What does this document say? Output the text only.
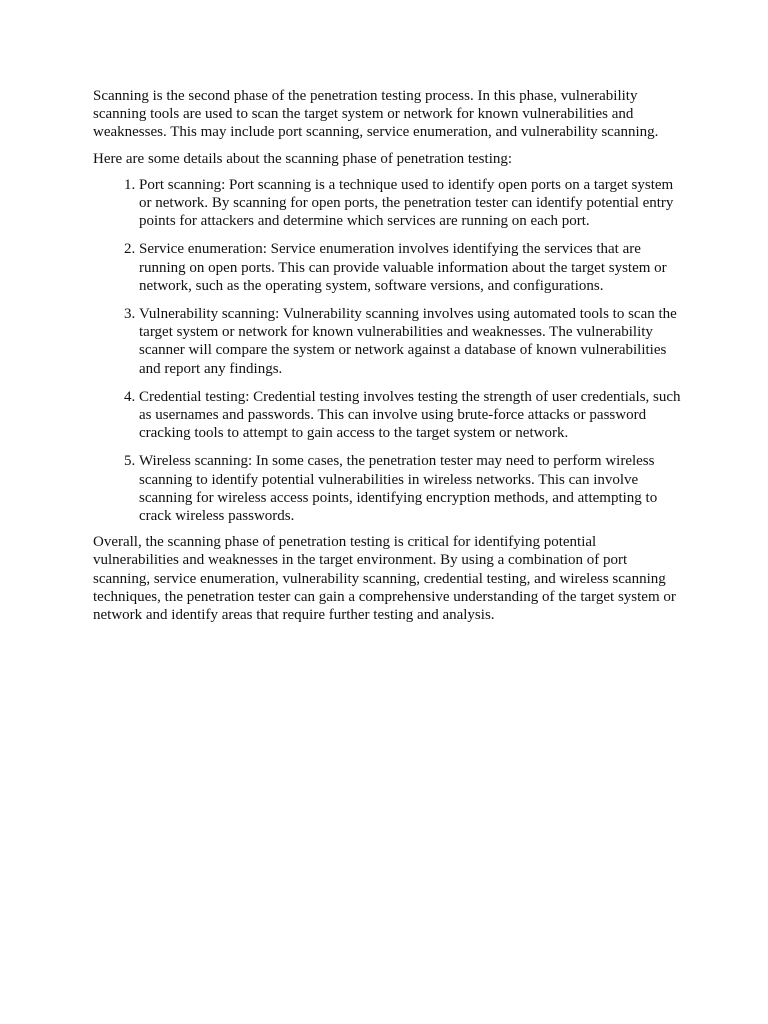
Scanning is the second phase of the penetration testing process. In this phase, vulnerability scanning tools are used to scan the target system or network for known vulnerabilities and weaknesses. This may include port scanning, service enumeration, and vulnerability scanning.

Here are some details about the scanning phase of penetration testing:

1. Port scanning: Port scanning is a technique used to identify open ports on a target system or network. By scanning for open ports, the penetration tester can identify potential entry points for attackers and determine which services are running on each port.
2. Service enumeration: Service enumeration involves identifying the services that are running on open ports. This can provide valuable information about the target system or network, such as the operating system, software versions, and configurations.
3. Vulnerability scanning: Vulnerability scanning involves using automated tools to scan the target system or network for known vulnerabilities and weaknesses. The vulnerability scanner will compare the system or network against a database of known vulnerabilities and report any findings.
4. Credential testing: Credential testing involves testing the strength of user credentials, such as usernames and passwords. This can involve using brute-force attacks or password cracking tools to attempt to gain access to the target system or network.
5. Wireless scanning: In some cases, the penetration tester may need to perform wireless scanning to identify potential vulnerabilities in wireless networks. This can involve scanning for wireless access points, identifying encryption methods, and attempting to crack wireless passwords.

Overall, the scanning phase of penetration testing is critical for identifying potential vulnerabilities and weaknesses in the target environment. By using a combination of port scanning, service enumeration, vulnerability scanning, credential testing, and wireless scanning techniques, the penetration tester can gain a comprehensive understanding of the target system or network and identify areas that require further testing and analysis.
